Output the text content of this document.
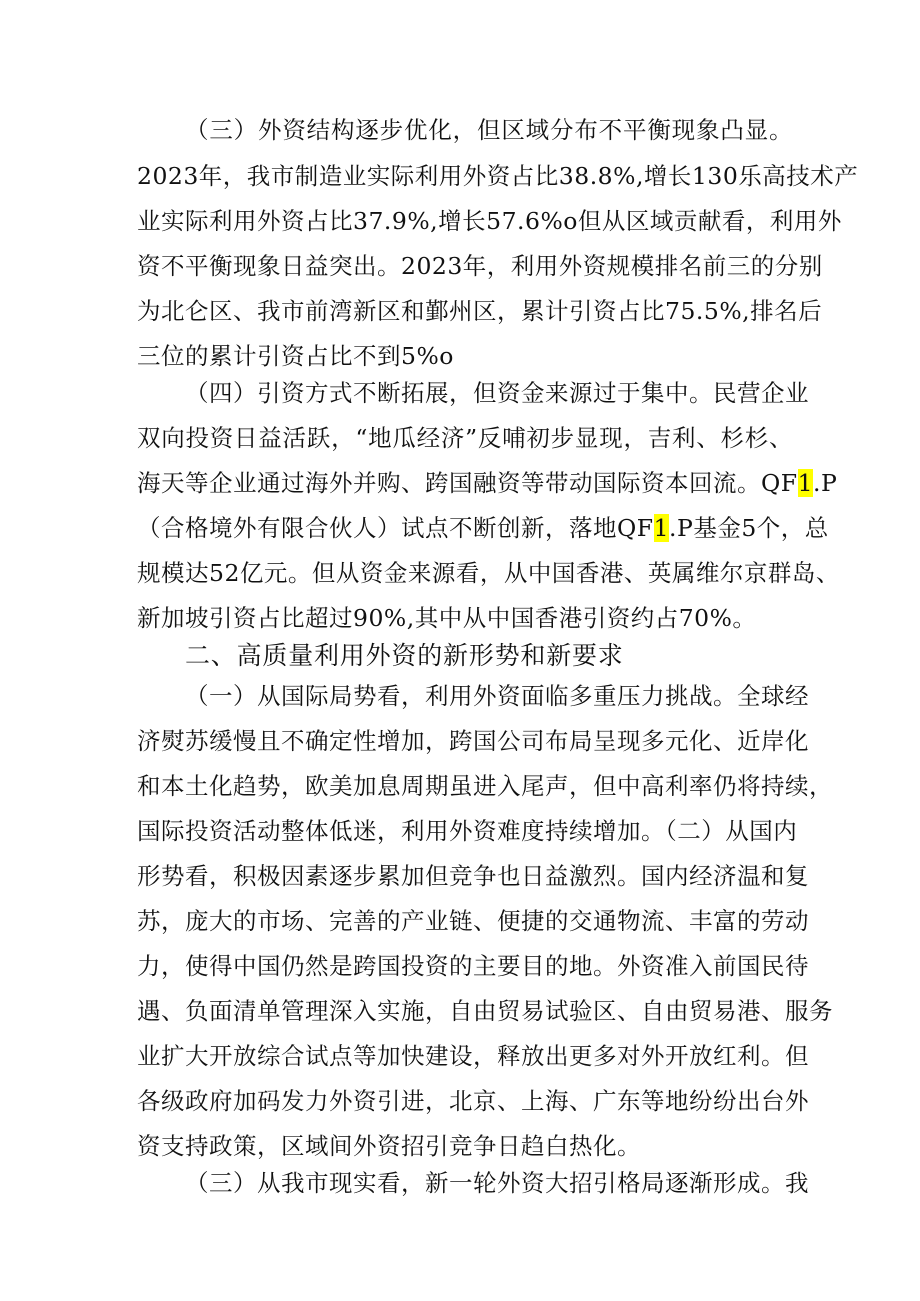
（三）外资结构逐步优化，但区域分布不平衡现象凸显。
2023年，我市制造业实际利用外资占比38.8%,增长130乐高技术产
业实际利用外资占比37.9%,增长57.6%o但从区域贡献看，利用外
资不平衡现象日益突出。2023年，利用外资规模排名前三的分别
为北仑区、我市前湾新区和鄞州区，累计引资占比75.5%,排名后
三位的累计引资占比不到5%o
（四）引资方式不断拓展，但资金来源过于集中。民营企业
双向投资日益活跃，“地瓜经济”反哺初步显现，吉利、杉杉、
海天等企业通过海外并购、跨国融资等带动国际资本回流。QF1.P
（合格境外有限合伙人）试点不断创新，落地QF1.P基金5个，总
规模达52亿元。但从资金来源看，从中国香港、英属维尔京群岛、
新加坡引资占比超过90%,其中从中国香港引资约占70%。
二、高质量利用外资的新形势和新要求
（一）从国际局势看，利用外资面临多重压力挑战。全球经
济熨苏缓慢且不确定性增加，跨国公司布局呈现多元化、近岸化
和本土化趋势，欧美加息周期虽进入尾声，但中高利率仍将持续，
国际投资活动整体低迷，利用外资难度持续增加。（二）从国内
形势看，积极因素逐步累加但竞争也日益激烈。国内经济温和复
苏，庞大的市场、完善的产业链、便捷的交通物流、丰富的劳动
力，使得中国仍然是跨国投资的主要目的地。外资准入前国民待
遇、负面清单管理深入实施，自由贸易试验区、自由贸易港、服务
业扩大开放综合试点等加快建设，释放出更多对外开放红利。但
各级政府加码发力外资引进，北京、上海、广东等地纷纷出台外
资支持政策，区域间外资招引竞争日趋白热化。
（三）从我市现实看，新一轮外资大招引格局逐渐形成。我
